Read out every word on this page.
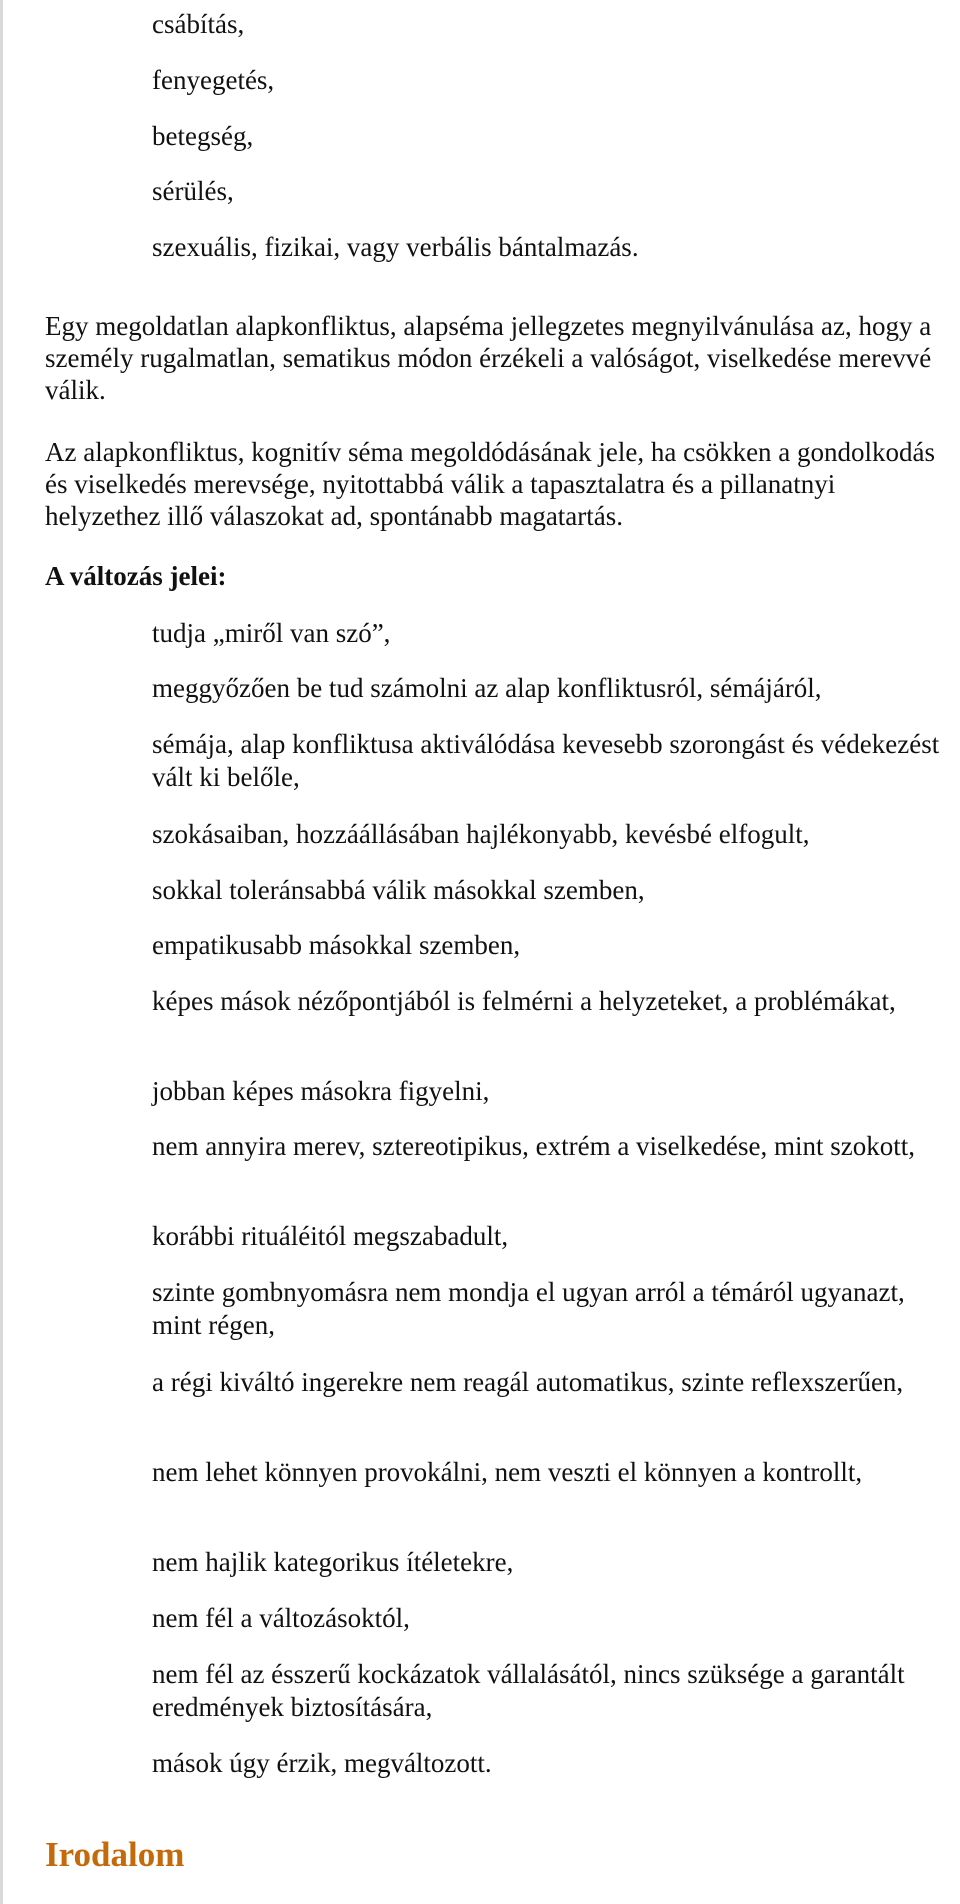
csábítás,

fenyegetés,

betegség,

sérülés,

szexuális, fizikai, vagy verbális bántalmazás.

Egy megoldatlan alapkonfliktus, alapséma jellegzetes megnyilvánulása az, hogy a személy rugalmatlan, sematikus módon érzékeli a valóságot, viselkedése merevvé válik.

Az alapkonfliktus, kognitív séma megoldódásának jele, ha csökken a gondolkodás és viselkedés merevsége, nyitottabbá válik a tapasztalatra és a pillanatnyi helyzethez illő válaszokat ad, spontánabb magatartás.

A változás jelei:

tudja „miről van szó”,

meggyőzően be tud számolni az alap konfliktusról, sémájáról,

sémája, alap konfliktusa aktiválódása kevesebb szorongást és védekezést vált ki belőle,

szokásaiban, hozzáállásában hajlékonyabb, kevésbé elfogult,

sokkal toleránsabbá válik másokkal szemben,

empatikusabb másokkal szemben,

képes mások nézőpontjából is felmérni a helyzeteket, a problémákat,

jobban képes másokra figyelni,

nem annyira merev, sztereotipikus, extrém a viselkedése, mint szokott,

korábbi rituáléitól megszabadult,

szinte gombnyomásra nem mondja el ugyan arról a témáról ugyanazt, mint régen,

a régi kiváltó ingerekre nem reagál automatikus, szinte reflexszerűen,

nem lehet könnyen provokálni, nem veszti el könnyen a kontrollt,

nem hajlik kategorikus ítéletekre,

nem fél a változásoktól,

nem fél az ésszerű kockázatok vállalásától, nincs szüksége a garantált eredmények biztosítására,

mások úgy érzik, megváltozott.

Irodalom
